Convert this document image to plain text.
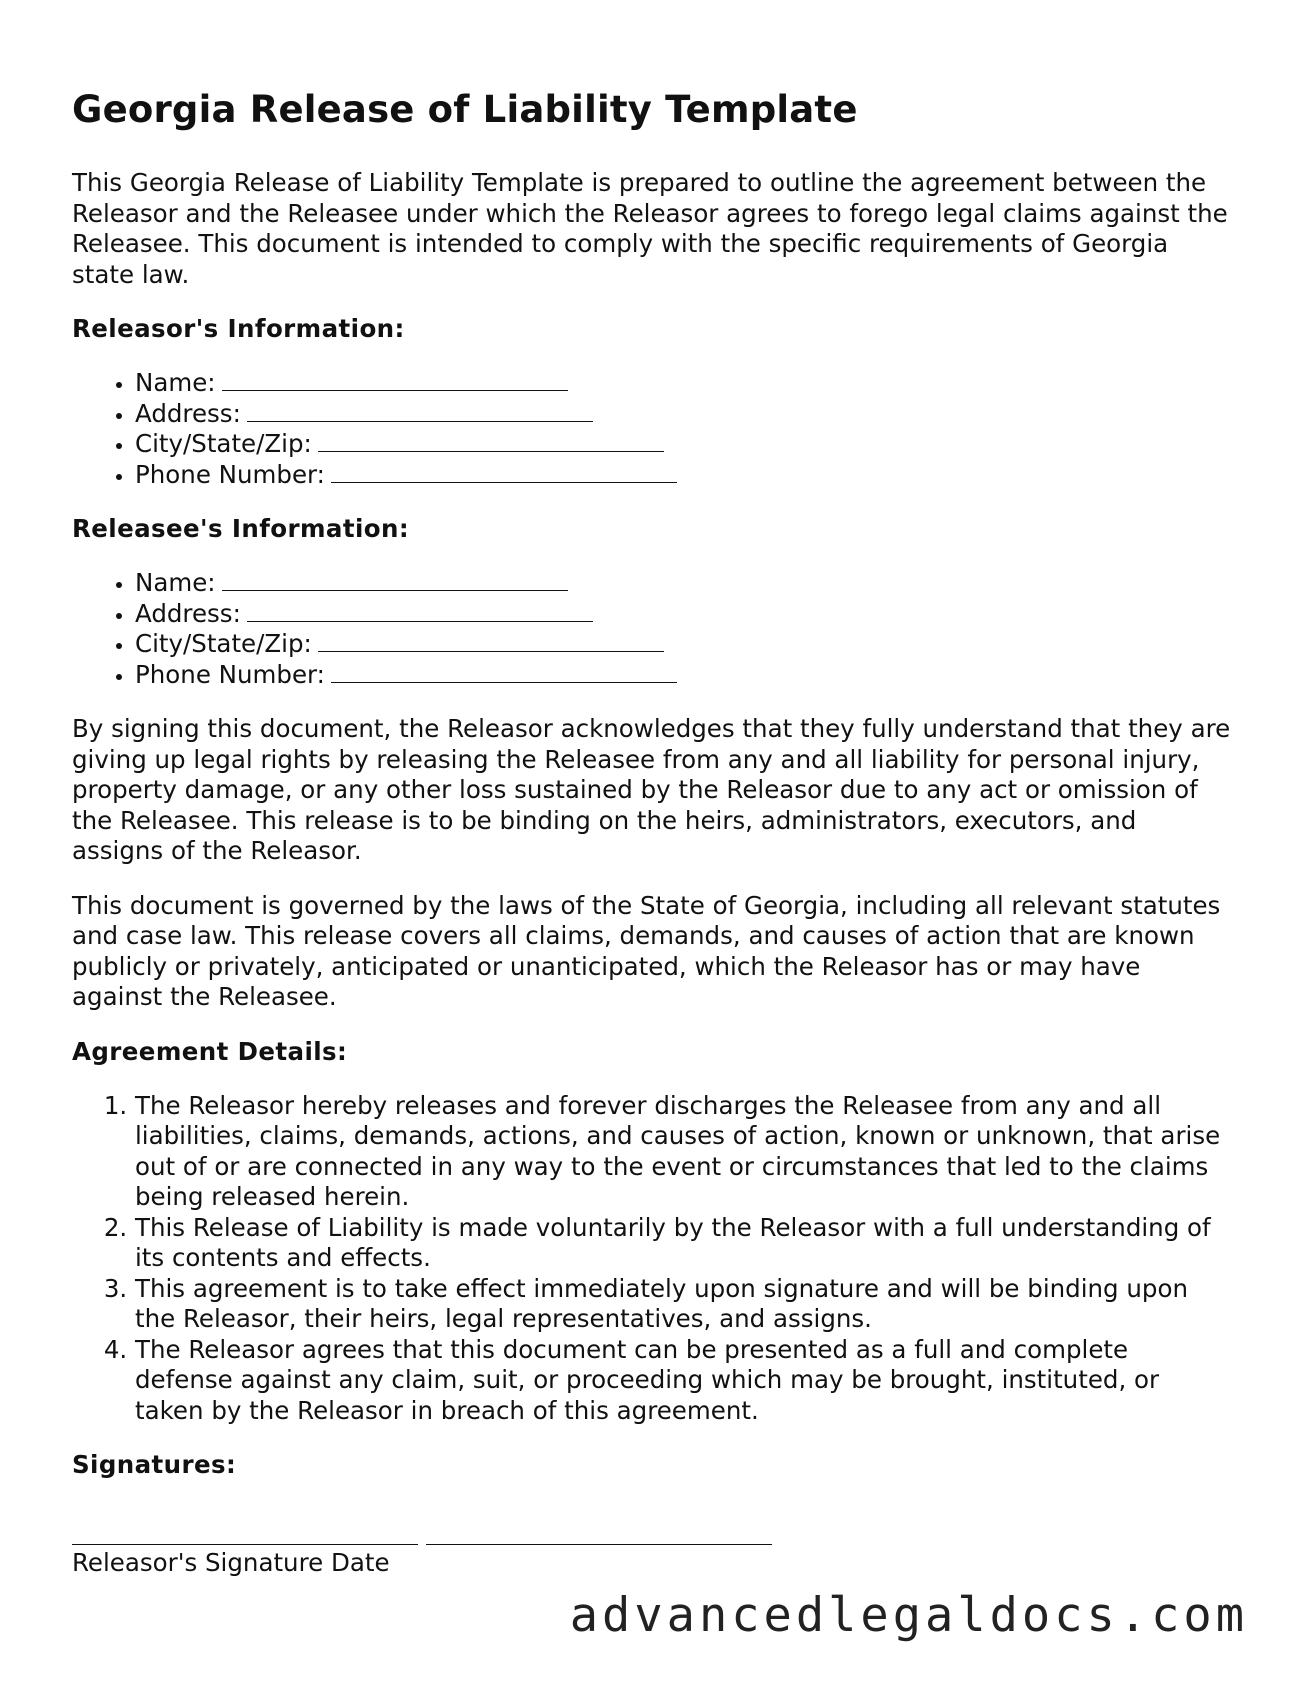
Georgia Release of Liability Template

This Georgia Release of Liability Template is prepared to outline the agreement between the Releasor and the Releasee under which the Releasor agrees to forego legal claims against the Releasee. This document is intended to comply with the specific requirements of Georgia state law.

Releasor's Information:
• Name:
• Address:
• City/State/Zip:
• Phone Number:
Releasee's Information:
• Name:
• Address:
• City/State/Zip:
• Phone Number:

By signing this document, the Releasor acknowledges that they fully understand that they are giving up legal rights by releasing the Releasee from any and all liability for personal injury, property damage, or any other loss sustained by the Releasor due to any act or omission of the Releasee. This release is to be binding on the heirs, administrators, executors, and assigns of the Releasor.

This document is governed by the laws of the State of Georgia, including all relevant statutes and case law. This release covers all claims, demands, and causes of action that are known publicly or privately, anticipated or unanticipated, which the Releasor has or may have against the Releasee.

Agreement Details:
1. The Releasor hereby releases and forever discharges the Releasee from any and all liabilities, claims, demands, actions, and causes of action, known or unknown, that arise out of or are connected in any way to the event or circumstances that led to the claims being released herein.
2. This Release of Liability is made voluntarily by the Releasor with a full understanding of its contents and effects.
3. This agreement is to take effect immediately upon signature and will be binding upon the Releasor, their heirs, legal representatives, and assigns.
4. The Releasor agrees that this document can be presented as a full and complete defense against any claim, suit, or proceeding which may be brought, instituted, or taken by the Releasor in breach of this agreement.
Signatures:
Releasor's Signature Date
advancedlegaldocs.com
